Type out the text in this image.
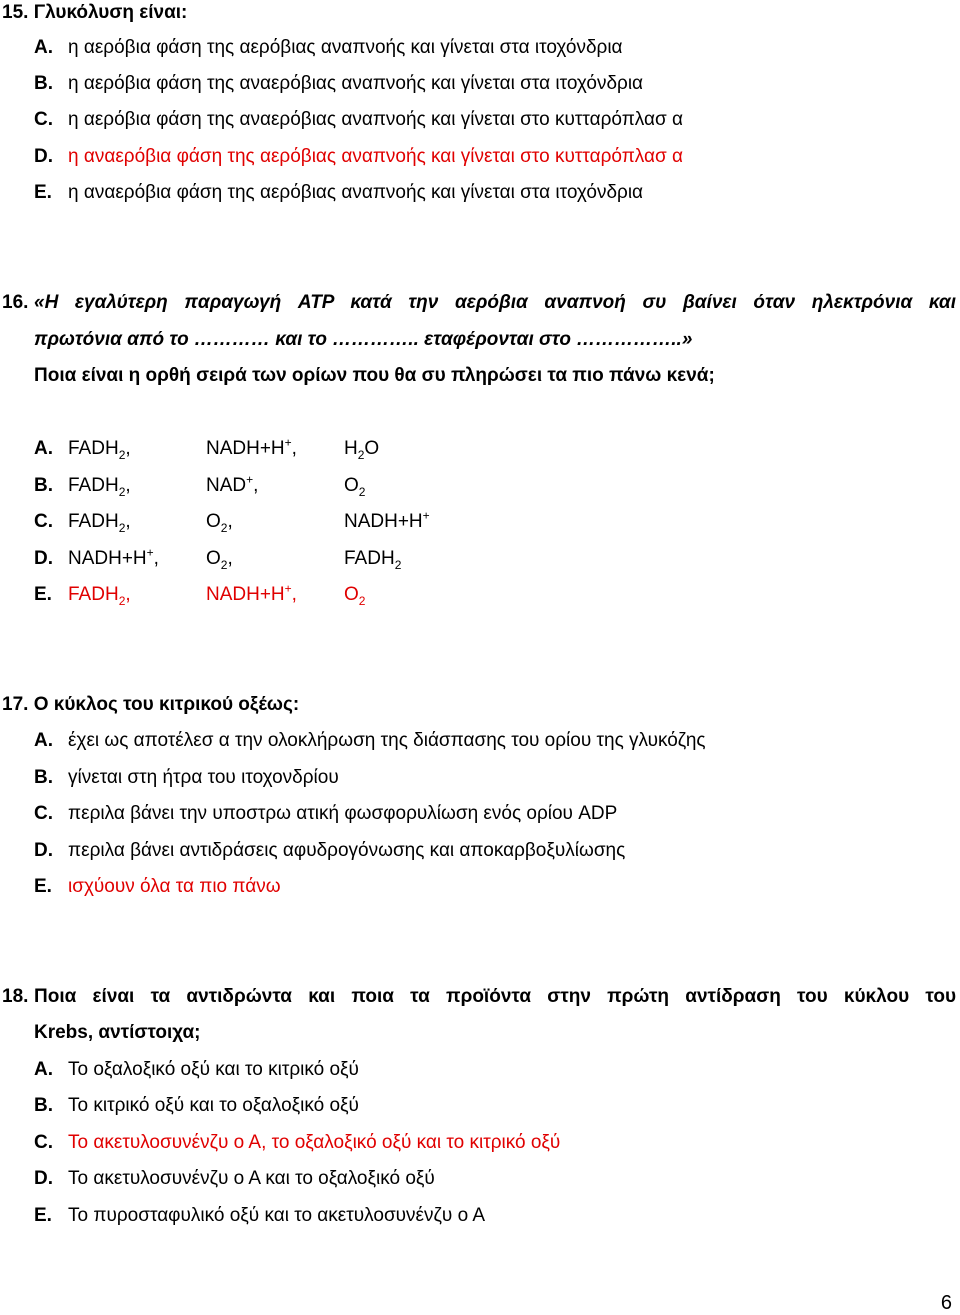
15. Γλυκόλυση είναι:
A. η αερόβια φάση της αερόβιας αναπνοής και γίνεται στα ιτοχόνδρια
B. η αερόβια φάση της αναερόβιας αναπνοής και γίνεται στα ιτοχόνδρια
C. η αερόβια φάση της αναερόβιας αναπνοής και γίνεται στο κυτταρόπλασ α
D. η αναερόβια φάση της αερόβιας αναπνοής και γίνεται στο κυτταρόπλασ α
E. η αναερόβια φάση της αερόβιας αναπνοής και γίνεται στα ιτοχόνδρια
16. «Η εγαλύτερη παραγωγή ATP κατά την αερόβια αναπνοή συ βαίνει όταν ηλεκτρόνια και
πρωτόνια από το ………… και το ………….. εταφέρονται στο ……………..»
Ποια είναι η ορθή σειρά των ορίων που θα συ πληρώσει τα πιο πάνω κενά;
A. $FADH_2$,	NADH+H+, $H_2O$
B. $FADH_2$,	NAD+,	$O_2$
C. $FADH_2$,	$O_2$,	NADH+H+
D. NADH+H+, $O_2$,	$FADH_2$
E. $FADH_2$,	NADH+H+, $O_2$
17. Ο κύκλος του κιτρικού οξέως:
A. έχει ως αποτέλεσ α την ολοκλήρωση της διάσπασης του ορίου της γλυκόζης
B. γίνεται στη ήτρα του ιτοχονδρίου
C. περιλα βάνει την υποστρω ατική φωσφορυλίωση ενός ορίου ADP
D. περιλα βάνει αντιδράσεις αφυδρογόνωσης και αποκαρβοξυλίωσης
E. ισχύουν όλα τα πιο πάνω
18. Ποια είναι τα αντιδρώντα και ποια τα προϊόντα στην πρώτη αντίδραση του κύκλου του
Krebs, αντίστοιχα;
A. Το οξαλοξικό οξύ και το κιτρικό οξύ
B. Το κιτρικό οξύ και το οξαλοξικό οξύ
C. Το ακετυλοσυνένζυ ο Α, το οξαλοξικό οξύ και το κιτρικό οξύ
D. Το ακετυλοσυνένζυ ο Α και το οξαλοξικό οξύ
E. Το πυροσταφυλικό οξύ και το ακετυλοσυνένζυ ο Α
6
